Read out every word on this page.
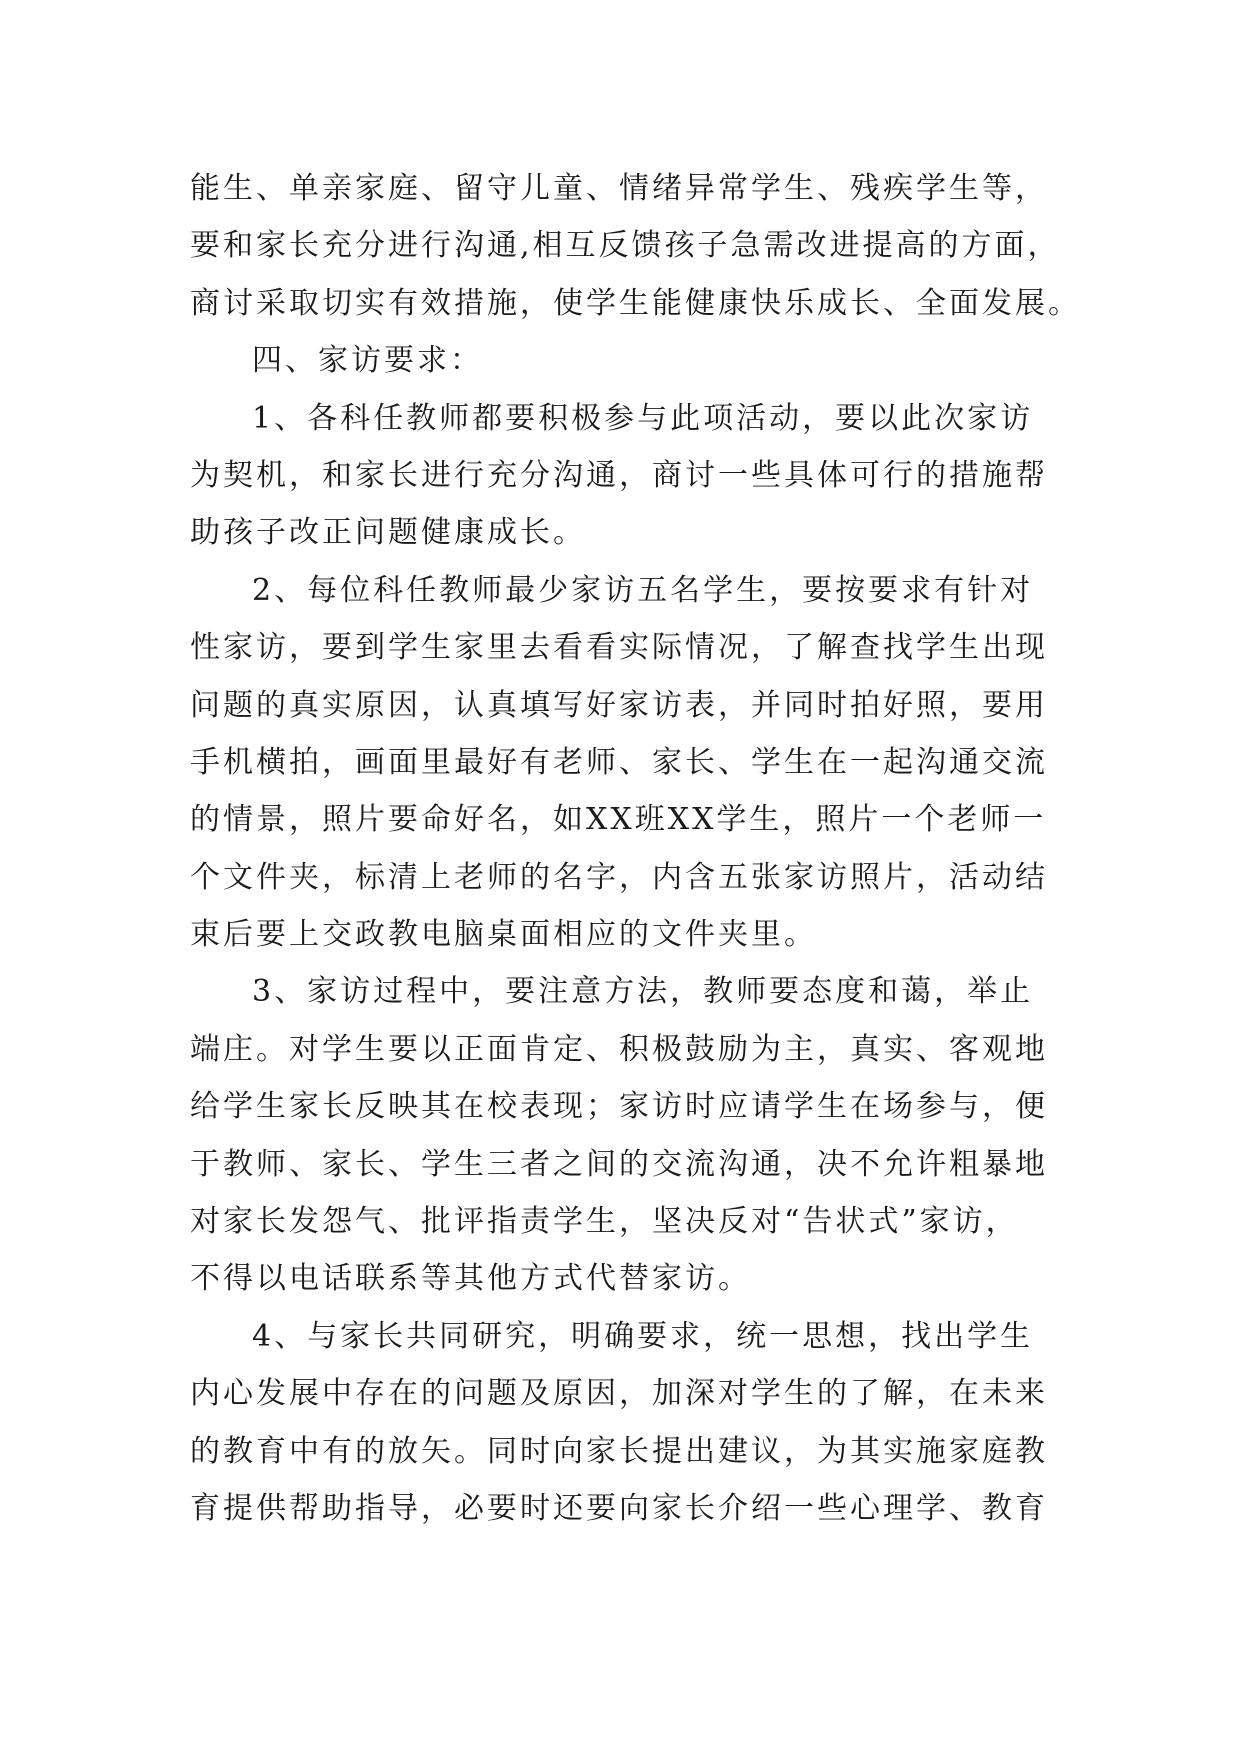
能生、单亲家庭、留守儿童、情绪异常学生、残疾学生等，
要和家长充分进行沟通,相互反馈孩子急需改进提高的方面，
商讨采取切实有效措施，使学生能健康快乐成长、全面发展。
四、家访要求：
1、各科任教师都要积极参与此项活动，要以此次家访
为契机，和家长进行充分沟通，商讨一些具体可行的措施帮
助孩子改正问题健康成长。
2、每位科任教师最少家访五名学生，要按要求有针对
性家访，要到学生家里去看看实际情况，了解查找学生出现
问题的真实原因，认真填写好家访表，并同时拍好照，要用
手机横拍，画面里最好有老师、家长、学生在一起沟通交流
的情景，照片要命好名，如XX班XX学生，照片一个老师一
个文件夹，标清上老师的名字，内含五张家访照片，活动结
束后要上交政教电脑桌面相应的文件夹里。
3、家访过程中，要注意方法，教师要态度和蔼，举止
端庄。对学生要以正面肯定、积极鼓励为主，真实、客观地
给学生家长反映其在校表现；家访时应请学生在场参与，便
于教师、家长、学生三者之间的交流沟通，决不允许粗暴地
对家长发怨气、批评指责学生，坚决反对“告状式”家访，
不得以电话联系等其他方式代替家访。
4、与家长共同研究，明确要求，统一思想，找出学生
内心发展中存在的问题及原因，加深对学生的了解，在未来
的教育中有的放矢。同时向家长提出建议，为其实施家庭教
育提供帮助指导，必要时还要向家长介绍一些心理学、教育
